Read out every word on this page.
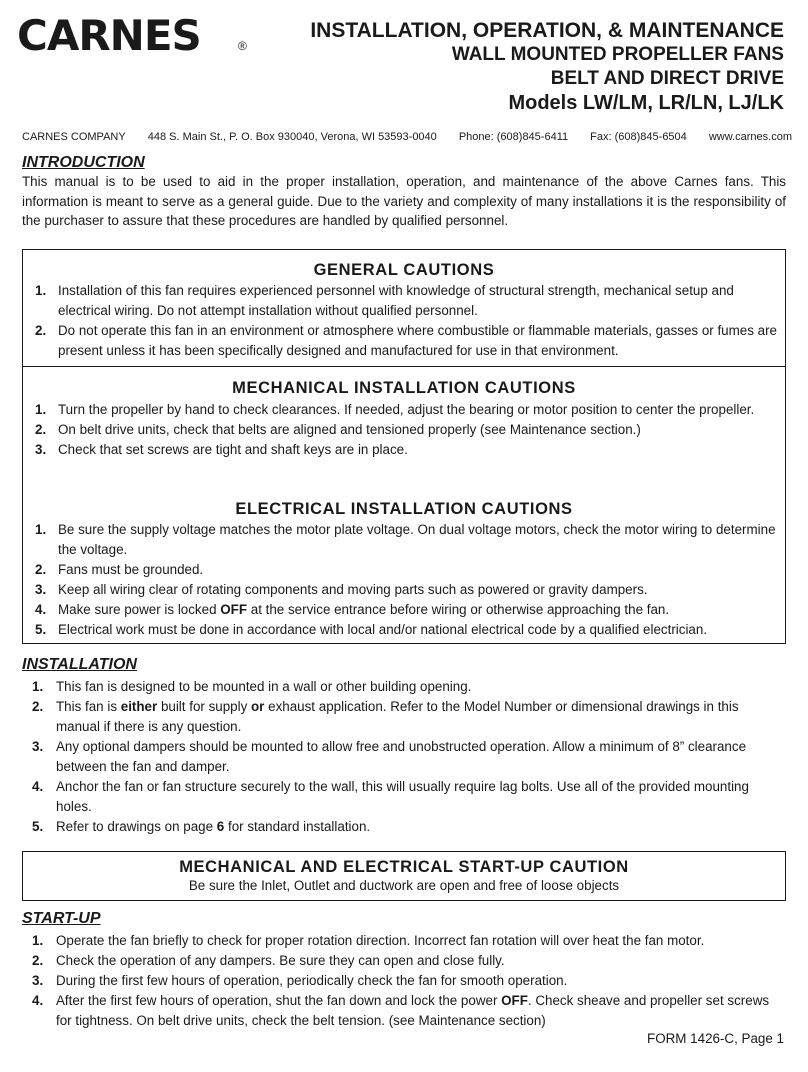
CARNES	®
INSTALLATION, OPERATION, & MAINTENANCE
WALL MOUNTED PROPELLER FANS
BELT AND DIRECT DRIVE
Models LW/LM, LR/LN, LJ/LK
CARNES COMPANY 448 S. Main St., P. O. Box 930040, Verona, WI 53593-0040 Phone: (608)845-6411 Fax: (608)845-6504 www.carnes.com
INTRODUCTION
This manual is to be used to aid in the proper installation, operation, and maintenance of the above Carnes fans. This information is meant to serve as a general guide. Due to the variety and complexity of many installations it is the responsibility of the purchaser to assure that these procedures are handled by qualified personnel.
GENERAL CAUTIONS
1. Installation of this fan requires experienced personnel with knowledge of structural strength, mechanical setup and electrical wiring. Do not attempt installation without qualified personnel.
2. Do not operate this fan in an environment or atmosphere where combustible or flammable materials, gasses or fumes are present unless it has been specifically designed and manufactured for use in that environment.
MECHANICAL INSTALLATION CAUTIONS
1. Turn the propeller by hand to check clearances. If needed, adjust the bearing or motor position to center the propeller.
2. On belt drive units, check that belts are aligned and tensioned properly (see Maintenance section.)
3. Check that set screws are tight and shaft keys are in place.
ELECTRICAL INSTALLATION CAUTIONS
1. Be sure the supply voltage matches the motor plate voltage. On dual voltage motors, check the motor wiring to determine the voltage.
2. Fans must be grounded.
3. Keep all wiring clear of rotating components and moving parts such as powered or gravity dampers.
4. Make sure power is locked OFF at the service entrance before wiring or otherwise approaching the fan.
5. Electrical work must be done in accordance with local and/or national electrical code by a qualified electrician.
INSTALLATION
1. This fan is designed to be mounted in a wall or other building opening.
2. This fan is either built for supply or exhaust application. Refer to the Model Number or dimensional drawings in this manual if there is any question.
3. Any optional dampers should be mounted to allow free and unobstructed operation. Allow a minimum of 8” clearance between the fan and damper.
4. Anchor the fan or fan structure securely to the wall, this will usually require lag bolts. Use all of the provided mounting holes.
5. Refer to drawings on page 6 for standard installation.
MECHANICAL AND ELECTRICAL START-UP CAUTION
Be sure the Inlet, Outlet and ductwork are open and free of loose objects
START-UP
1. Operate the fan briefly to check for proper rotation direction. Incorrect fan rotation will over heat the fan motor.
2. Check the operation of any dampers. Be sure they can open and close fully.
3. During the first few hours of operation, periodically check the fan for smooth operation.
4. After the first few hours of operation, shut the fan down and lock the power OFF. Check sheave and propeller set screws for tightness. On belt drive units, check the belt tension. (see Maintenance section)
FORM 1426-C, Page 1
